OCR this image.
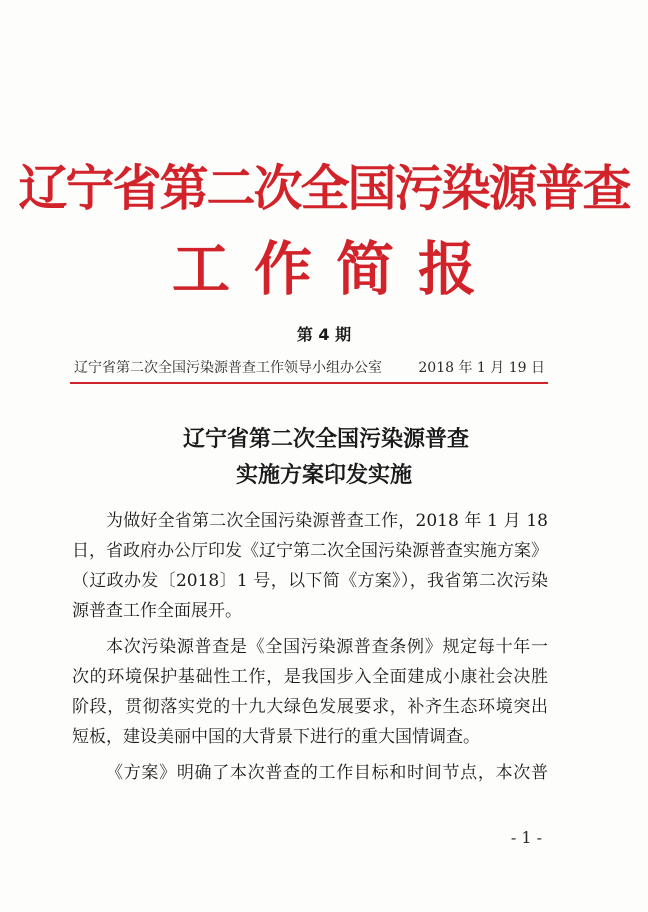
辽宁省第二次全国污染源普查
工作简报
第 4 期
辽宁省第二次全国污染源普查工作领导小组办公室	2018 年 1 月 19 日
辽宁省第二次全国污染源普查
实施方案印发实施

为做好全省第二次全国污染源普查工作，2018 年 1 月 18
日，省政府办公厅印发《辽宁第二次全国污染源普查实施方案》
（辽政办发〔2018〕1 号，以下简《方案》），我省第二次污染
源普查工作全面展开。

本次污染源普查是《全国污染源普查条例》规定每十年一
次的环境保护基础性工作，是我国步入全面建成小康社会决胜
阶段，贯彻落实党的十九大绿色发展要求，补齐生态环境突出
短板，建设美丽中国的大背景下进行的重大国情调查。

《方案》明确了本次普查的工作目标和时间节点，本次普

- 1 -
